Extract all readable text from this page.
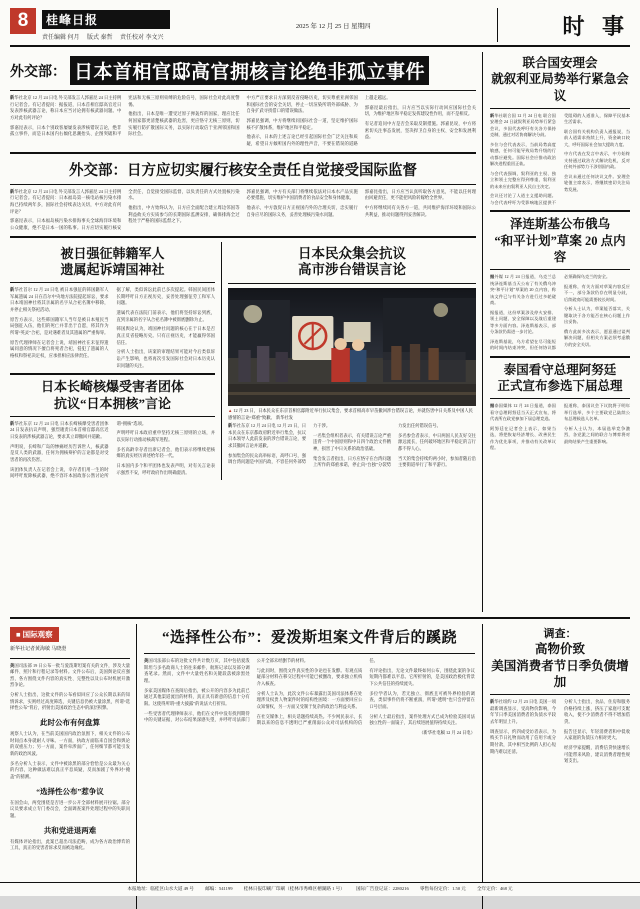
8	桂峰日报
责任编辑 何月 版式 秦哲 责任校对 李文兴
2025 年 12 月 25 日 星期四	时 事
外交部： 日本首相官邸高官拥核言论绝非孤立事件

新华社北京 12 月 24 日电 外交部发言人郭嘉昆 24 日主持例行记者会。有记者提问：据报道，日本首相官邸高官近日发表涉核武器言论，称日本应当讨论拥有核武器问题。中方对此有何评论？

郭嘉昆表示，日本个别政客屡屡发表涉核错误言论，绝非孤立事件，而是日本国内右倾化思潮抬头、企图突破和平宪法和无核三原则束缚的危险信号，国际社会对此高度警惕。

他指出，日本是唯一遭受过原子弹轰炸的国家，理应比任何国家都更清楚核武器的危害，更应恪守无核三原则，切实履行防扩散国际义务，以实际行动取信于亚洲邻国和国际社会。

中方严正要求日方深刻反省侵略历史，切实尊重亚洲邻国和国际社会的安全关切，停止一切渲染所谓外部威胁、为自身扩武寻找借口的错误做法。

郭嘉昆强调，中方将继续同国际社会一道，坚定维护国际核不扩散体系，维护地区和平稳定。

他表示，日本的上述言论已经引起国际社会广泛关注和质疑，希望日方倾听国内外的理性声音，不要在错误的道路上越走越远。

郭嘉昆最后指出，日方应当以实际行动回应国际社会关切，为维护地区和平稳定发挥建设性作用，而不是相反。

有记者追问中方是否会采取反制措施。郭嘉昆说，中方将密切关注事态发展，坚决捍卫自身的主权、安全和发展利益。

外交部：日方应切实履行核安全责任自觉接受国际监督

新华社北京 12 月 24 日电 外交部发言人郭嘉昆 24 日主持例行记者会。有记者提问：日本福岛第一核电站核污染水排海已持续两年多，国际社会持续表达关切，中方对此有何评论？

郭嘉昆表示，日本福岛核污染水排海事关全球海洋环境和公众健康，绝不是日本一国的私事。日方应切实履行核安全责任，自觉接受国际监督，以负责任的方式处置核污染水。

他指出，中方始终认为，日方应全面配合建立周边邻国等利益攸关方实质参与的长期国际监测安排，确保排海全过程处于严格的国际监督之下。

郭嘉昆强调，中方有关部门将继续依法对日本水产品实施必要措施，切实维护中国消费者的食品安全和身体健康。

他表示，中方敦促日方正视国内外的合理关切，忠实履行自身应尽的国际义务，妥善处理核污染水问题。

郭嘉昆指出，日方应当认真听取各方意见，不能以任何理由回避责任，更不能把风险转嫁给全世界。

中方将继续同有关各方一道，共同维护海洋环境和国际公共利益，推动问题得到妥善解决。

被日强征韩籍军人
遗属起诉靖国神社

新华社首尔 12 月 24 日电 被日本强征的韩国籍军人军属遗属 24 日在首尔中央地方法院提起诉讼，要求日本靖国神社将其亲属的名字从合祀名簿中移除，并停止相关祭祀活动。

原告方表示，这些韩国籍军人当年是被日本殖民当局强征入伍，他们的死亡并非出于自愿，将其作为所谓“英灵”合祀，是对遇难者及其遗属的严重侮辱。

原告代理律师在记者会上说，靖国神社在未征得遗属同意的情况下擅自将死者合祀，侵犯了遗属的人格权和祭祀决定权，应承担相应法律责任。

据了解，类似诉讼此前已多次提起。韩国民间团体长期呼吁日方正视历史，妥善处理强征劳工和军人问题。

遗属代表在法院门前表示，他们将坚持诉讼到底，直到亲属的名字从合祀名簿中被彻底删除为止。

韩国舆论认为，靖国神社问题的核心在于日本是否真正反省侵略历史。只有正视历史，才能赢得邻国信任。

分析人士指出，该案的审理结果可能对今后类似诉讼产生影响，也将再次引发国际社会对日本历史认识问题的关注。

日本长崎核爆受害者团体
抗议“日本拥核”言论

新华社东京 12 月 24 日电 日本长崎核爆受害者团体 24 日发表抗议声明，强烈谴责日本首相官邸高官近日发表的涉核武器言论，要求其立即撤回并道歉。

声明说，长崎和广岛的惨痛经历告诉世人，核武器是反人类的武器，任何为拥核辩护的言论都是对受害者的再次伤害。

该团体负责人在记者会上说，幸存者们用一生的时间呼吁废除核武器，绝不容许本国政客公然讨论所谓“拥核”选项。

声明呼吁日本政府重申坚持无核三原则的立场，并以实际行动推动核裁军进程。

多名高龄幸存者出席记者会，他们表示将继续把核爆的真实经历讲述给年轻一代。

日本国内多个和平团体也发表声明，对有关言论表示强烈不安，呼吁政府作出明确澄清。

日本民众集会抗议
高市涉台错误言论
▲ 12 月 23 日，日本民众在东京首相官邸附近举行抗议集会，要求首相高市早苗撤回涉台错误言论，并就伤害中日关系及中国人民感情的言论“郑重”致歉。 新华社发

新华社东京 12 月 24 日电 12 月 23 日，日本民众在东京都政府附近举行集会，抗议日本领导人此前发表的涉台错误言论，要求其撤回言论并道歉。

参加集会的民众高举标语，高呼口号，强调台湾问题是中国内政，不容任何外部势力干涉。

一名集会组织者表示，有关错误言论严重违背一个中国原则和中日四个政治文件精神，损害了中日关系的政治基础。

集会发言者指出，日方应恪守在台湾问题上所作的郑重承诺，停止向“台独”分裂势力发出任何错误信号。

多名参会者表示，中日两国人民友好交往源远流长，任何破坏地区和平稳定的言行都不得人心。

当天的集会持续约两小时，参加者随后沿主要街道举行了和平游行。

联合国安理会
就叙利亚局势举行紧急会议

新华社联合国 12 月 24 日电 联合国安理会 24 日就叙利亚局势举行紧急会议，多国代表呼吁有关各方保持克制，通过对话协商解决分歧。

多位与会代表表示，当前局势高度敏感，任何可能导致局势升级的行动都应避免。国际社会应推动政治解决进程重回正轨。

与会代表强调，叙利亚的主权、独立和领土完整应得到尊重，叙利亚的未来应由叙利亚人民自主决定。

会议还讨论了人道主义援助问题。与会代表呼吁为受影响地区提供不受阻碍的人道准入，保障平民基本生活需求。

联合国有关机构负责人通报说，当前人道需求持续上升，资金缺口较大，呼吁国际社会加大援助力度。

中方代表在发言中表示，中方始终支持通过政治方式解决危机，反对任何外部势力干涉别国内政。

会议未通过任何决议文件。安理会轮值主席表示，将继续密切关注局势发展。

泽连斯基公布俄乌
“和平计划”草案 20 点内容

据外媒 12 月 24 日报道，乌克兰总统泽连斯基当天公布了有关俄乌冲突“和平计划”草案的 20 点内容，称该文件已与有关各方进行过多轮磋商。

据报道，这份草案涉及停火安排、领土问题、安全保障以及战后重建等多方面内容。泽连斯基表示，部分条款仍需进一步讨论。

泽连斯基说，乌方希望在尽可能短的时间内结束冲突，但任何协议都必须确保乌克兰的安全。

报道称，有关方面对草案内容反应不一，部分条款仍存在明显分歧，后续磋商可能需要较长时间。

分析人士认为，草案能否落实，关键取决于各方能否在核心问题上作出妥协。

俄方此前多次表示，愿意通过谈判解决问题，但相关方案必须考虑俄方的安全关切。

泰国看守总理阿努廷
正式宣布参选下届总理

据泰国媒体 12 月 24 日报道，泰国看守总理阿努廷当天正式宣布，将代表所在政党参加下届总理竞选。

阿努廷在记者会上表示，如果当选，将把恢复经济增长、改善民生作为优先事项，并推动有关改革议程。

报道称，泰国议会下议院将于明年举行选举，多个主要政党已陆续公布总理候选人名单。

分析人士认为，本届选举竞争激烈，各党派之间的联合与博弈将对最终结果产生重要影响。

■ 国际观察
新华社记者黄海敏 马晓澄

美国司法部 19 日公布一批与爱泼斯坦案有关的文件，涉及大量邮件、照片和行程记录等材料。文件公布后，美国舆论反应强烈，各方围绕文件内容的真实性、完整性以及公布时机展开激烈争论。

分析人士指出，这批文件的公布看似回应了公众长期以来的知情诉求，实则经过高度筛选，关键信息仍被大量涂黑，所谓“选择性公布”背后，折射出美国政治生态中的深层积弊。

此时公布有何盘算

观察人士认为，在当前美国国内政治氛围下，相关文件的公布时间点本身就耐人寻味。一方面，执政方面临来自国会和舆论的双重压力；另一方面，案件牵涉面广，任何细节都可能引发新的政治风波。

多名分析人士表示，文件中被涂黑的部分恰恰是公众最为关心的内容，这种做法难以真正平息质疑，反而加剧了外界对“掩盖”的猜测。

“选择性公布”惹争议

在国会山，两党围绕是否进一步公开全部材料展开拉锯。部分议员要求成立专门委员会，全面调查案件处理过程中的失职问题。

共和党进退两难

有媒体评论指出，此案已超出司法范畴，成为各方政治博弈的工具，真正的受害者诉求反而被边缘化。

“选择性公布”：爱泼斯坦案文件背后的蹊跷

美国司法部公布的这批文件共计数万页，其中包括爱泼斯坦与多名政商人士的往来邮件、航班记录以及部分调查笔录。然而，文件中大量姓名和关键段落被涂黑处理。

多家美国媒体在查阅后指出，被公开的内容多为此前已通过其他渠道流出的材料，真正具有新意的信息十分有限。这使得所谓“重大披露”的说法大打折扣。

一些受害者代理律师表示，他们在文件中没有找到期待中的关键证据，对公布结果深感失望，并呼吁司法部门公开全部未经删节的材料。

与此同时，围绕文件真实性的争论也在发酵。有观点质疑部分材料在移交过程中可能已被删改，要求独立机构介入核查。

分析人士认为，此次文件公布暴露出美国司法体系在处理涉及权贵人物案件时的结构性困境：一方面要回应公众知情权，另一方面又受制于复杂的政治与利益关系。

在社交媒体上，相关话题持续高热。不少网民表示，长期以来的信息不透明已严重削弱公众对司法机构的信任。

有评论指出，无论文件最终如何公布，围绕此案的争议短期内都难以平息。它所折射的，是美国政治极化背景下公共信任的持续流失。

多位学者认为，若无独立、彻底且可被外界检验的调查，类似事件仍将不断重演，所谓“透明”也只会停留在口号层面。

分析人士最后指出，案件处理方式已成为检验美国司法独立性的一面镜子，其后续进展值得持续关注。

（新华社电稿 12 月 24 日电）
调查：
高物价致
美国消费者节日季负债增加

新华社纽约 12 月 23 日电 美国一项最新调查显示，受高物价影响，今年节日季美国消费者的负债水平较去年明显上升。

调查显示，约四成受访者表示，为购买节日礼物而动用了信用卡或分期付款，其中相当比例的人担心短期内难以还清。

分析人士指出，食品、住房和服务价格持续上涨，挤压了家庭可支配收入，使不少消费者不得不增加借贷。

报告还显示，年轻消费者和中低收入家庭的负债压力相对更大。

经济学家提醒，消费信贷快速增长可能带来风险，建议消费者理性规划支出。

本报地址：临桂区山水大道 49 号 邮编：541199 桂林日报印刷厂印刷（桂林市秀峰区榕湖路 1 号） 国际广告登记证：2280216 零售每份定价：1.50 元 全年定价：468 元
